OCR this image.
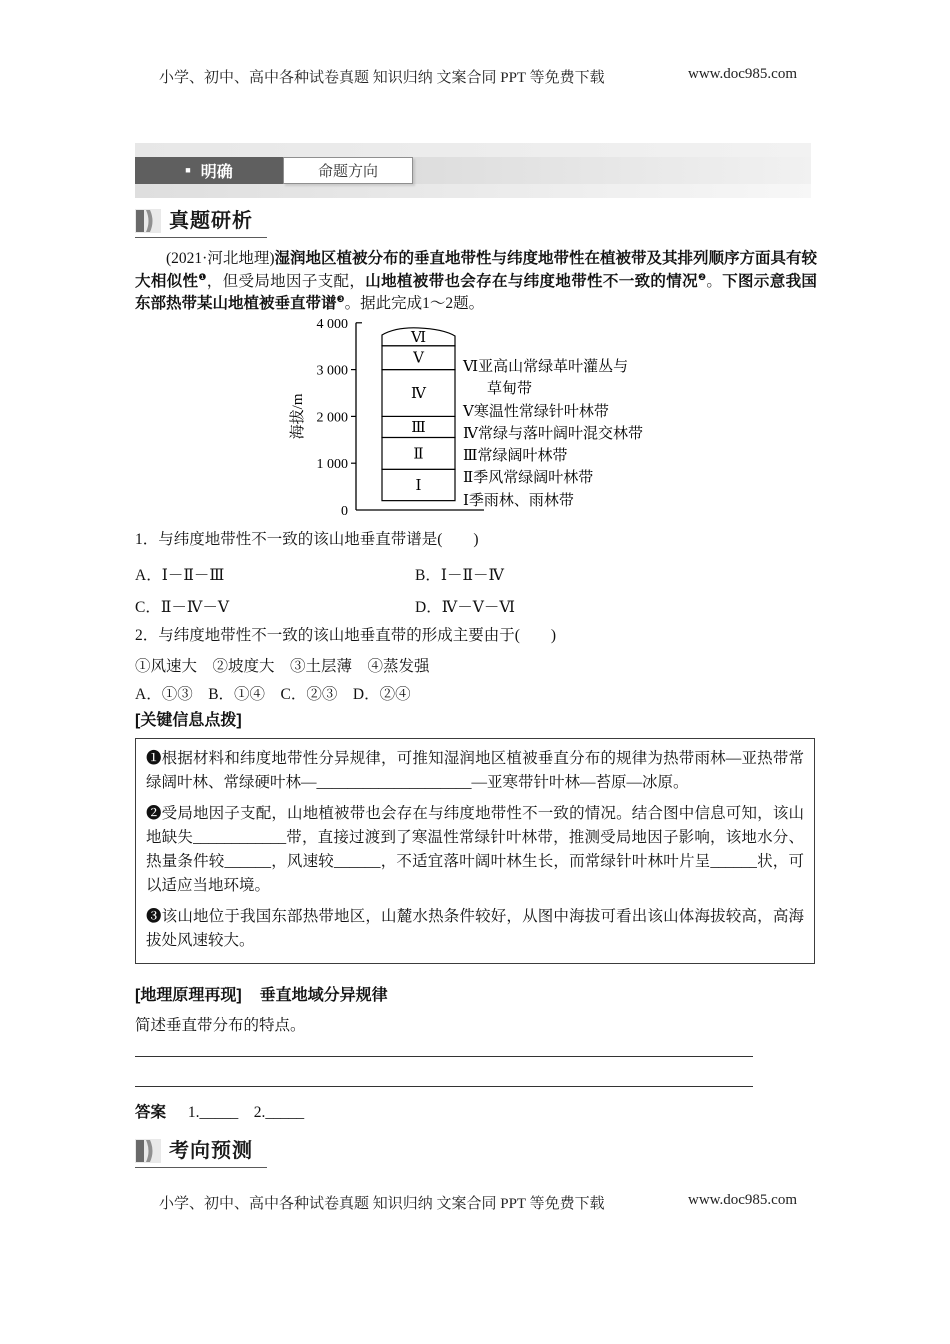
小学、初中、高中各种试卷真题 知识归纳 文案合同 PPT 等免费下载	www.doc985.com
■ 明确	命题方向
真题研析
(2021·河北地理)湿润地区植被分布的垂直地带性与纬度地带性在植被带及其排列顺序方面具有较大相似性$^❶$，但受局地因子支配，山地植被带也会存在与纬度地带性不一致的情况$^❷$。下图示意我国东部热带某山地植被垂直带谱$^❸$。据此完成1～2题。
0
1 000
2 000
3 000
4 000
海拔/m
Ⅰ
Ⅱ
Ⅲ
Ⅳ
Ⅴ
Ⅵ
Ⅵ亚高山常绿革叶灌丛与
草甸带
Ⅴ寒温性常绿针叶林带
Ⅳ常绿与落叶阔叶混交林带
Ⅲ常绿阔叶林带
Ⅱ季风常绿阔叶林带
Ⅰ季雨林、雨林带
1．与纬度地带性不一致的该山地垂直带谱是(　　)
A．Ⅰ－Ⅱ－Ⅲ	B．Ⅰ－Ⅱ－Ⅳ
C．Ⅱ－Ⅳ－Ⅴ	D．Ⅳ－Ⅴ－Ⅵ
2．与纬度地带性不一致的该山地垂直带的形成主要由于(　　)
①风速大　②坡度大　③土层薄　④蒸发强
A．①③　B．①④　C．②③　D．②④
[关键信息点拨]

❶根据材料和纬度地带性分异规律，可推知湿润地区植被垂直分布的规律为热带雨林—亚热带常绿阔叶林、常绿硬叶林—____________________—亚寒带针叶林—苔原—冰原。

❷受局地因子支配，山地植被带也会存在与纬度地带性不一致的情况。结合图中信息可知，该山地缺失____________带，直接过渡到了寒温性常绿针叶林带，推测受局地因子影响，该地水分、热量条件较______，风速较______，不适宜落叶阔叶林生长，而常绿针叶林叶片呈______状，可以适应当地环境。

❸该山地位于我国东部热带地区，山麓水热条件较好，从图中海拔可看出该山体海拔较高，高海拔处风速较大。

[地理原理再现] 垂直地域分异规律
简述垂直带分布的特点。
答案 1._____　2._____
考向预测
小学、初中、高中各种试卷真题 知识归纳 文案合同 PPT 等免费下载	www.doc985.com
